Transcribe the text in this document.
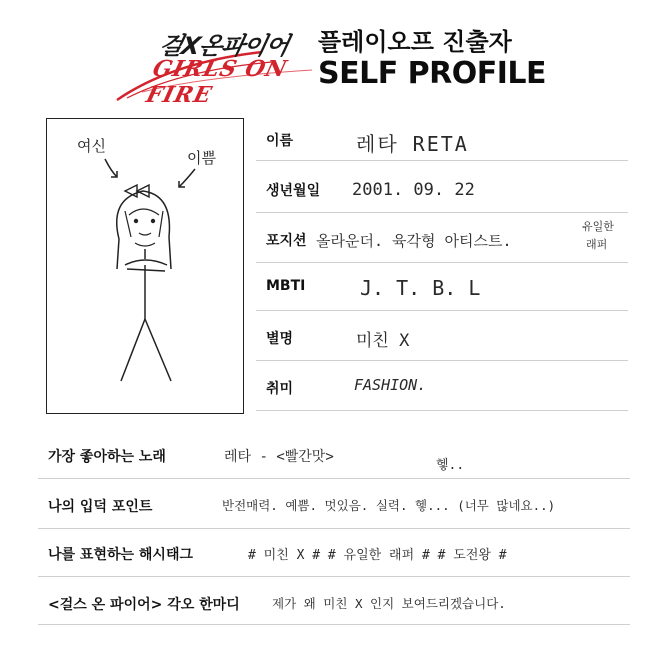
걸X온파이어
GIRLS ON FIRE
플레이오프 진출자
SELF PROFILE
여신
이쁨
이름	레타 RETA
생년월일 2001. 09. 22
포지션 올라운더. 육각형 아티스트.
유일한
래퍼
MBTI	J. T. B. L
별명	미친 X
취미	FASHION.
가장 좋아하는 노래	레타 - <빨간맛>
헿..
나의 입덕 포인트	반전매력. 예쁨. 멋있음. 실력. 헿... (너무 많네요..)
나를 표현하는 해시태그	# 미친 X # # 유일한 래퍼 # # 도전왕 #
<걸스 온 파이어> 각오 한마디	제가 왜 미친 X 인지 보여드리겠습니다.
